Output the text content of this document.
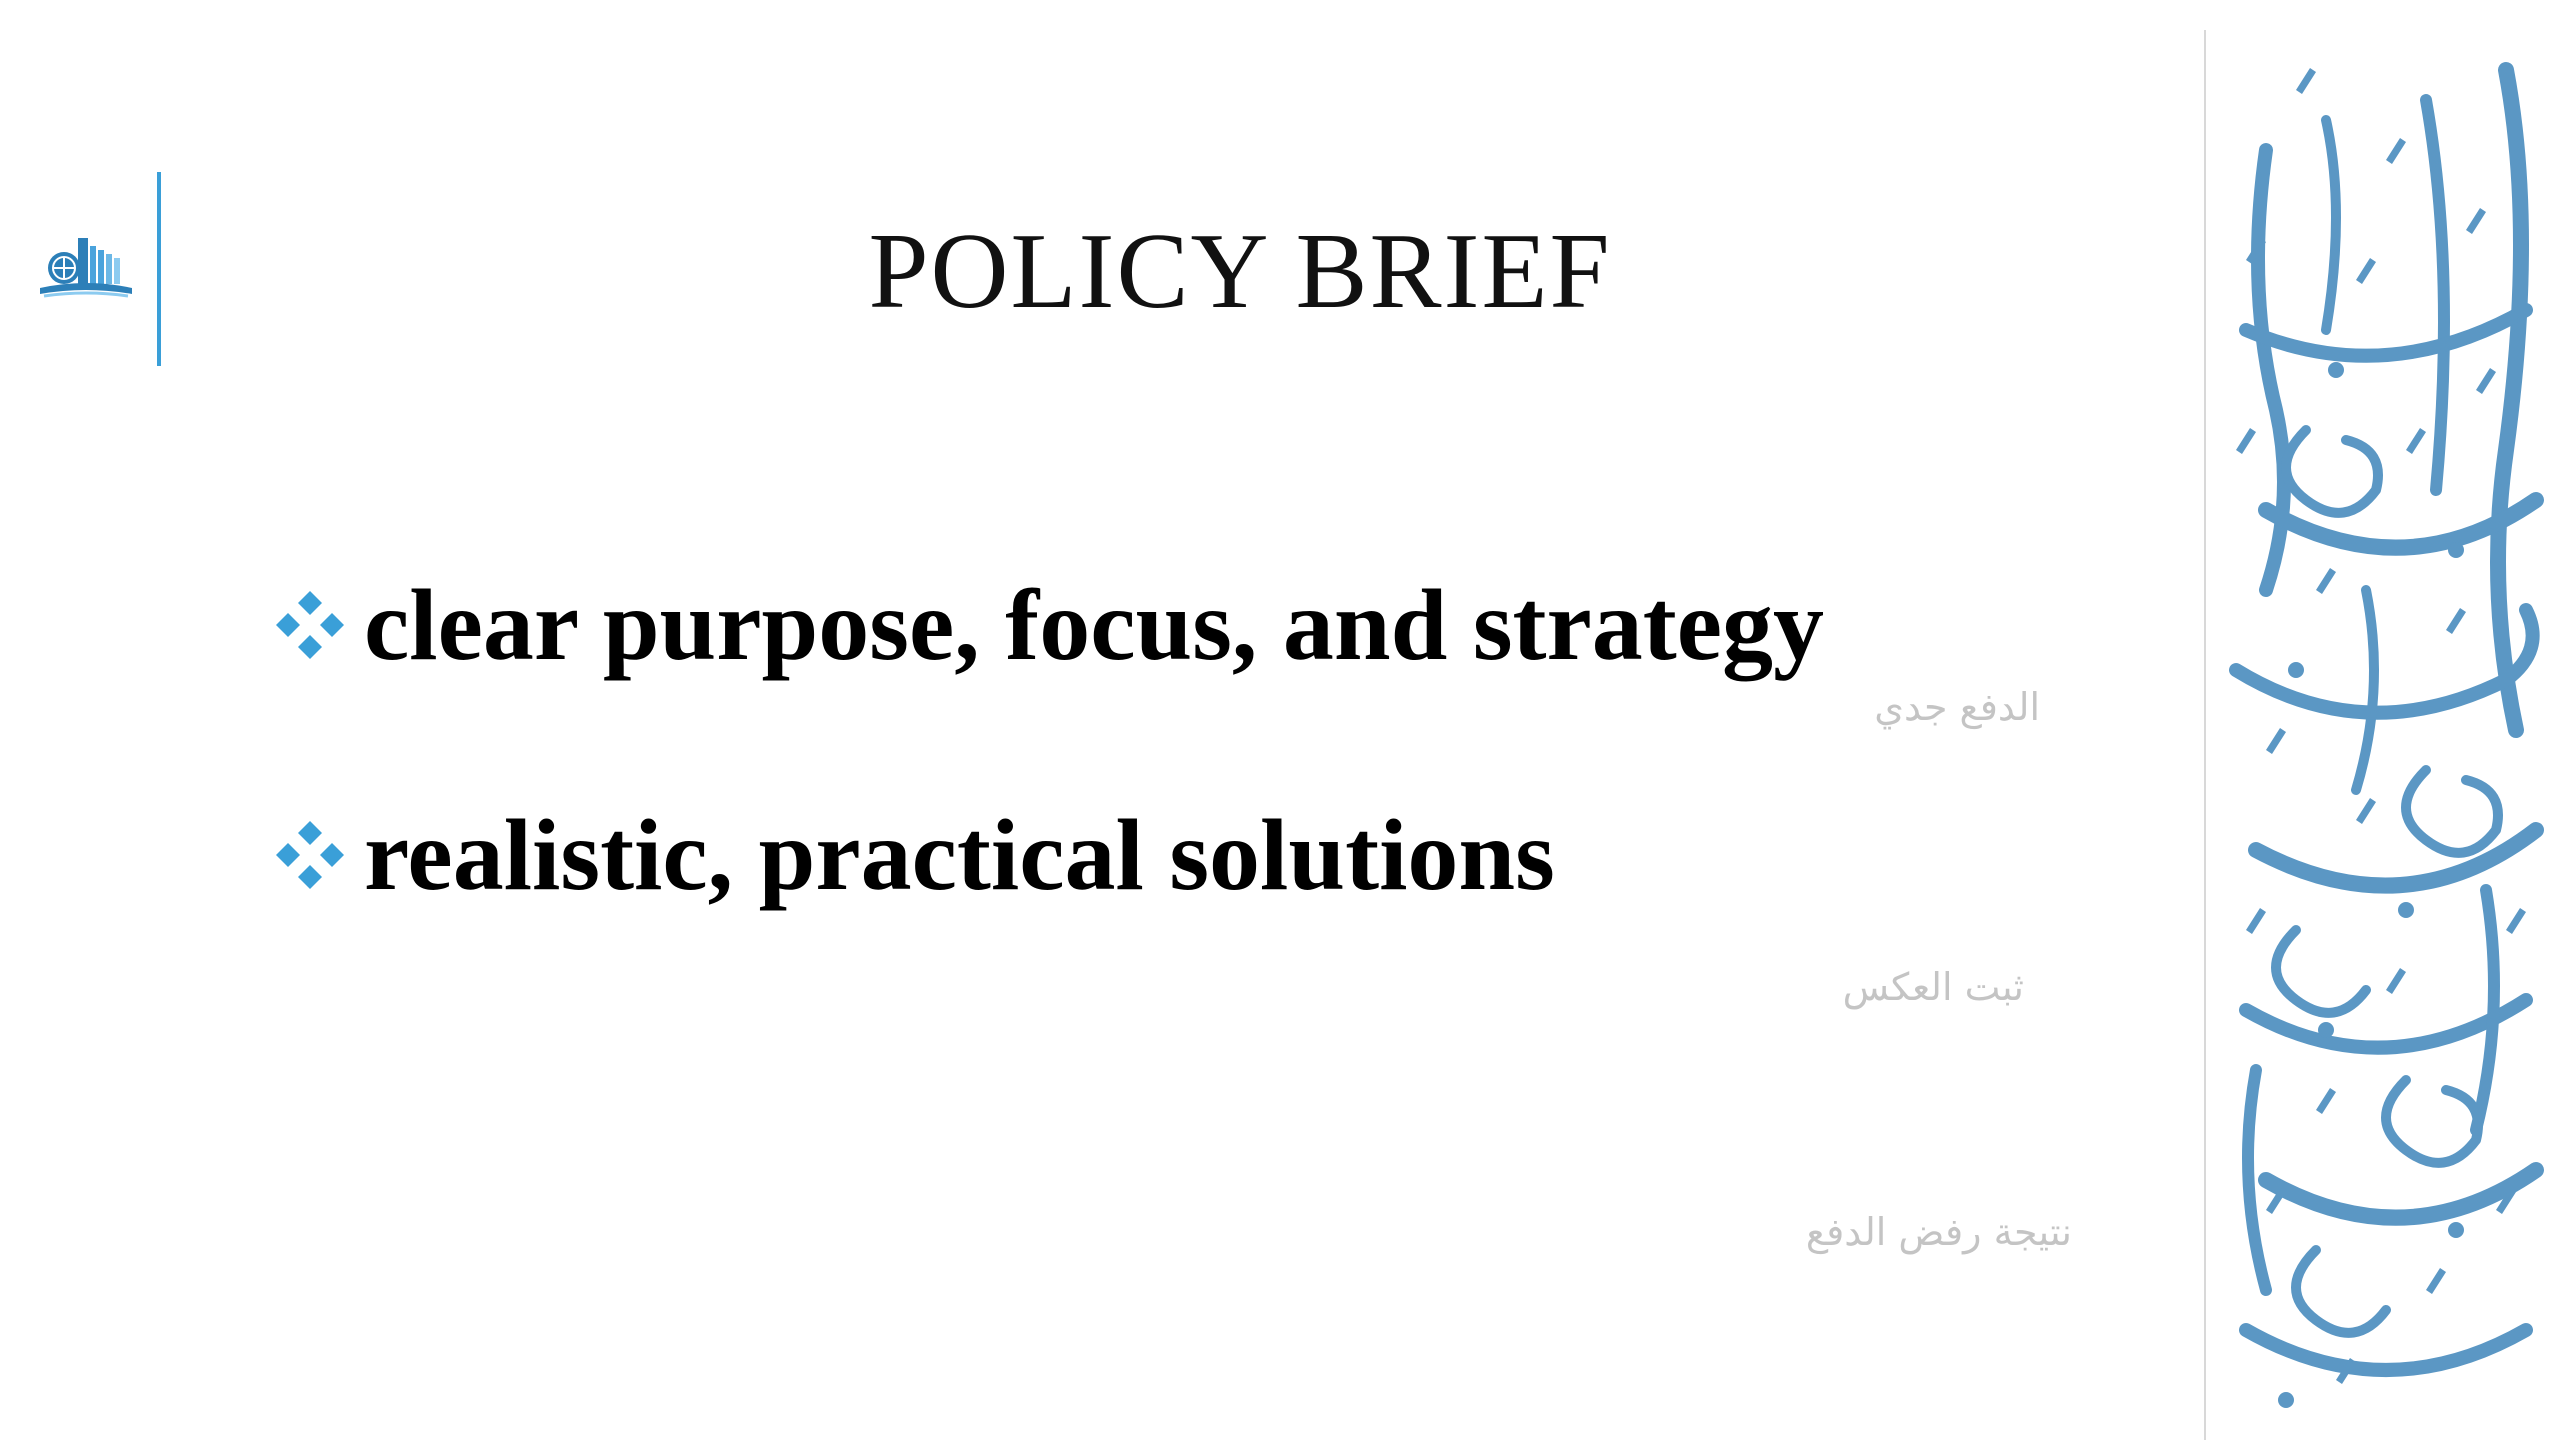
POLICY BRIEF
clear purpose, focus, and strategy
realistic, practical solutions
الدفع جدي
ثبت العكس
نتيجة رفض الدفع
